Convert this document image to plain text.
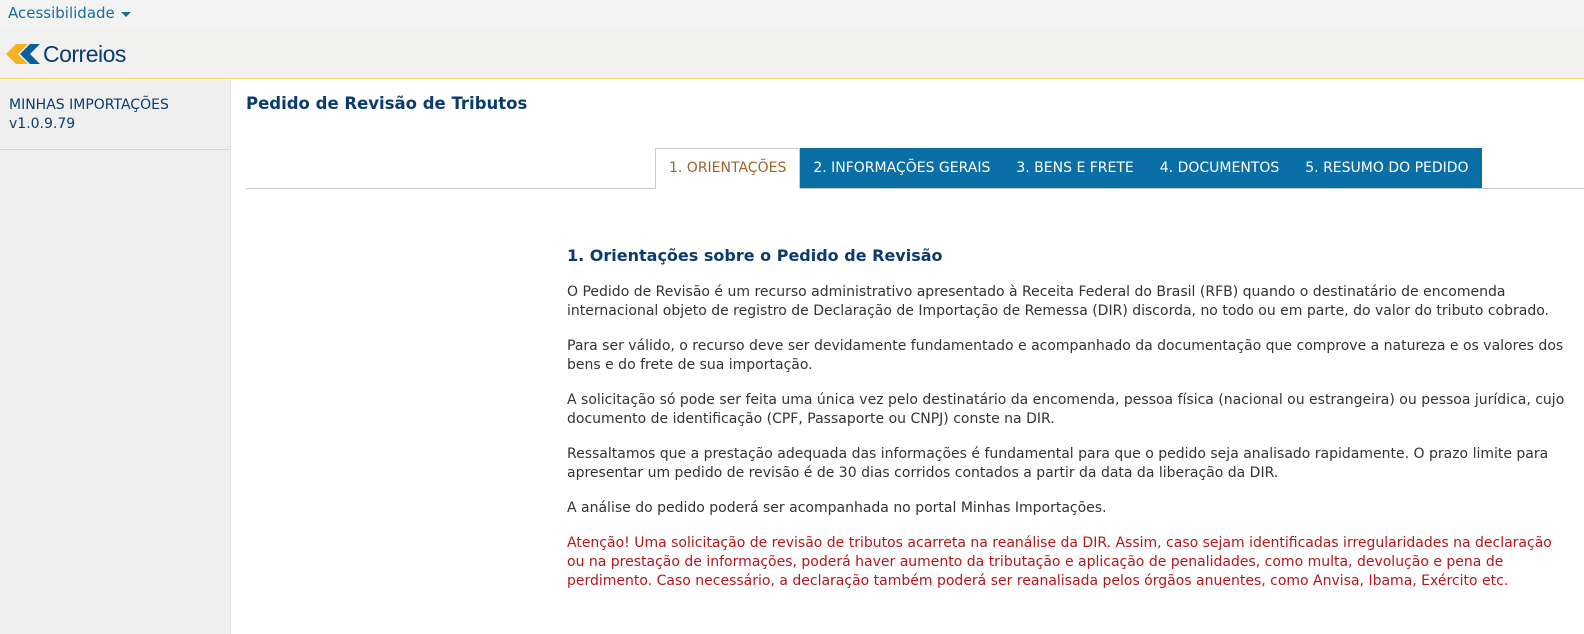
Acessibilidade
Correios
MINHAS IMPORTAÇÕES
v1.0.9.79
Pedido de Revisão de Tributos
1. ORIENTAÇÕES	2. INFORMAÇÕES GERAIS	3. BENS E FRETE	4. DOCUMENTOS	5. RESUMO DO PEDIDO
1. Orientações sobre o Pedido de Revisão

O Pedido de Revisão é um recurso administrativo apresentado à Receita Federal do Brasil (RFB) quando o destinatário de encomenda internacional objeto de registro de Declaração de Importação de Remessa (DIR) discorda, no todo ou em parte, do valor do tributo cobrado.

Para ser válido, o recurso deve ser devidamente fundamentado e acompanhado da documentação que comprove a natureza e os valores dos bens e do frete de sua importação.

A solicitação só pode ser feita uma única vez pelo destinatário da encomenda, pessoa física (nacional ou estrangeira) ou pessoa jurídica, cujo documento de identificação (CPF, Passaporte ou CNPJ) conste na DIR.

Ressaltamos que a prestação adequada das informações é fundamental para que o pedido seja analisado rapidamente. O prazo limite para apresentar um pedido de revisão é de 30 dias corridos contados a partir da data da liberação da DIR.

A análise do pedido poderá ser acompanhada no portal Minhas Importações.

Atenção! Uma solicitação de revisão de tributos acarreta na reanálise da DIR. Assim, caso sejam identificadas irregularidades na declaração ou na prestação de informações, poderá haver aumento da tributação e aplicação de penalidades, como multa, devolução e pena de perdimento. Caso necessário, a declaração também poderá ser reanalisada pelos órgãos anuentes, como Anvisa, Ibama, Exército etc.
